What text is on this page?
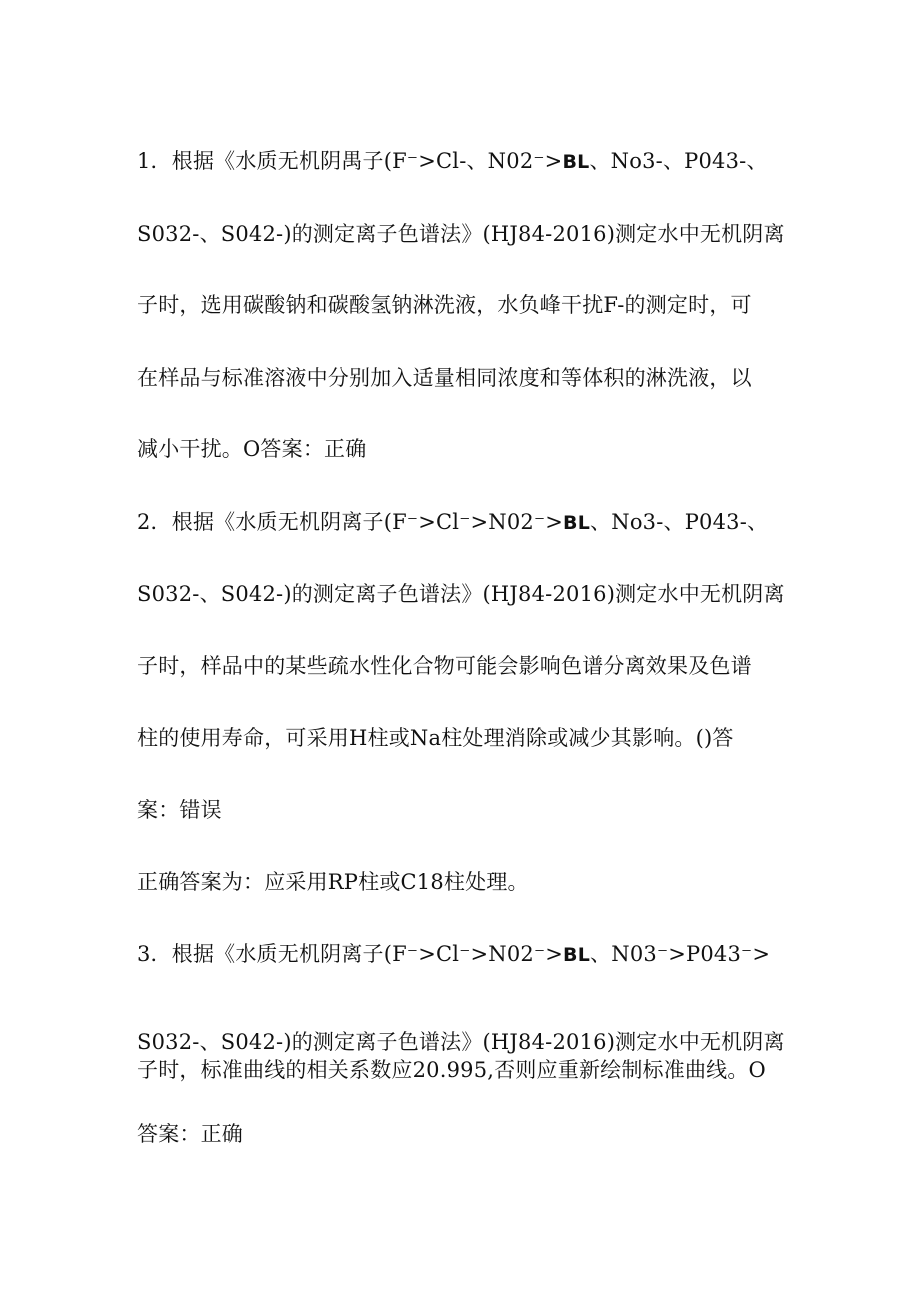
1．根据《水质无机阴禺子(F⁻>Cl-、N02⁻>BL、No3-、P043-、
S032-、S042-)的测定离子色谱法》(HJ84-2016)测定水中无机阴离
子时，选用碳酸钠和碳酸氢钠淋洗液，水负峰干扰F-的测定时，可
在样品与标准溶液中分别加入适量相同浓度和等体积的淋洗液，以
减小干扰。O答案：正确
2．根据《水质无机阴离子(F⁻>Cl⁻>N02⁻>BL、No3-、P043-、
S032-、S042-)的测定离子色谱法》(HJ84-2016)测定水中无机阴离
子时，样品中的某些疏水性化合物可能会影响色谱分离效果及色谱
柱的使用寿命，可采用H柱或Na柱处理消除或减少其影响。()答
案：错误
正确答案为：应采用RP柱或C18柱处理。
3．根据《水质无机阴离子(F⁻>Cl⁻>N02⁻>BL、N03⁻>P043⁻>
S032-、S042-)的测定离子色谱法》(HJ84-2016)测定水中无机阴离
子时，标准曲线的相关系数应20.995,否则应重新绘制标准曲线。O
答案：正确
